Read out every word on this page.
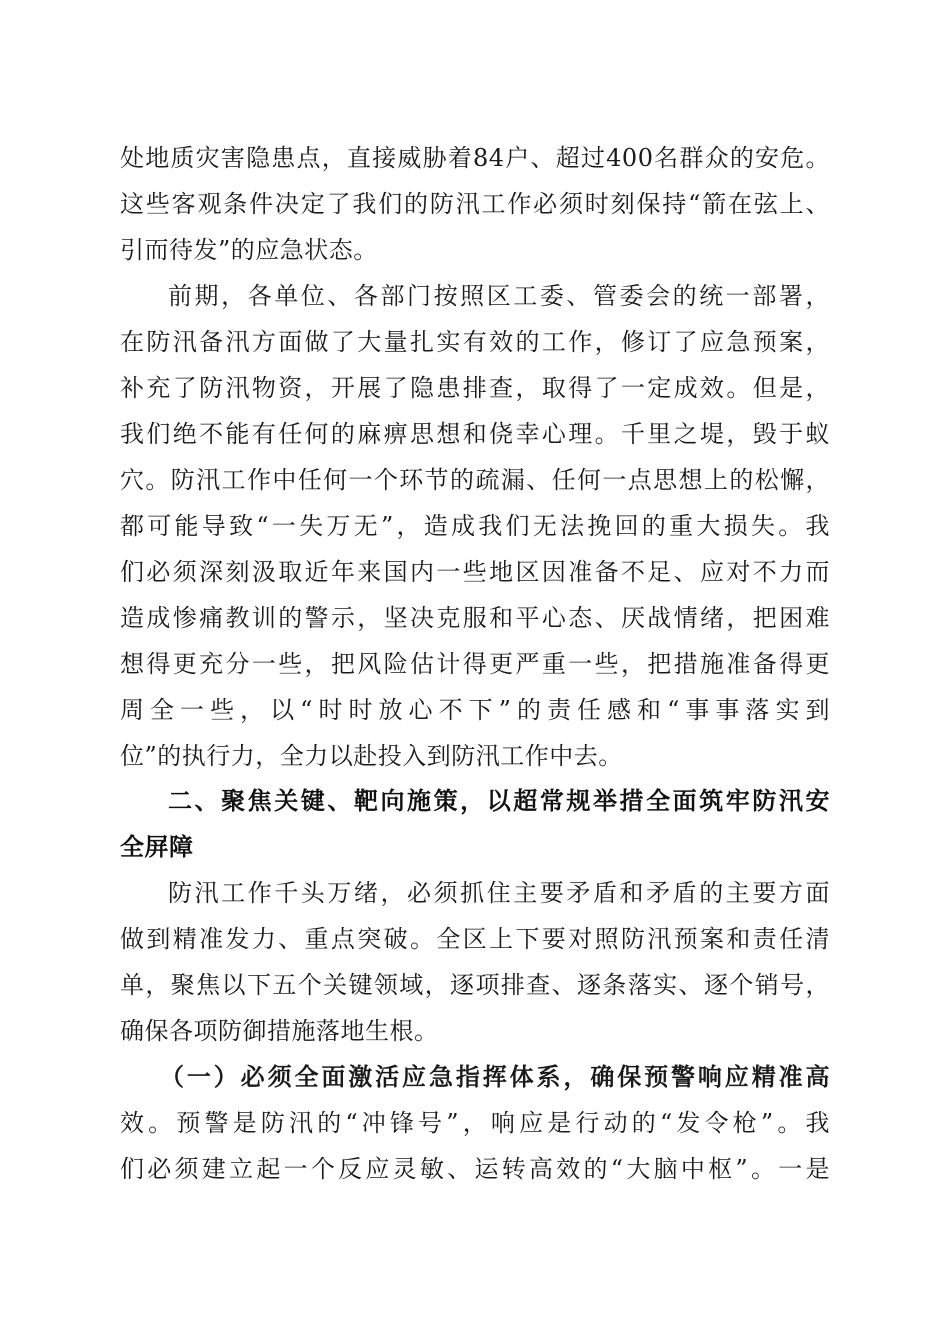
处地质灾害隐患点，直接威胁着84户、超过400名群众的安危。
这些客观条件决定了我们的防汛工作必须时刻保持“箭在弦上、
引而待发”的应急状态。
前期，各单位、各部门按照区工委、管委会的统一部署，
在防汛备汛方面做了大量扎实有效的工作，修订了应急预案，
补充了防汛物资，开展了隐患排查，取得了一定成效。但是，
我们绝不能有任何的麻痹思想和侥幸心理。千里之堤，毁于蚁
穴。防汛工作中任何一个环节的疏漏、任何一点思想上的松懈，
都可能导致“一失万无”，造成我们无法挽回的重大损失。我
们必须深刻汲取近年来国内一些地区因准备不足、应对不力而
造成惨痛教训的警示，坚决克服和平心态、厌战情绪，把困难
想得更充分一些，把风险估计得更严重一些，把措施准备得更
周全一些，以“时时放心不下”的责任感和“事事落实到
位”的执行力，全力以赴投入到防汛工作中去。
二、聚焦关键、靶向施策，以超常规举措全面筑牢防汛安
全屏障
防汛工作千头万绪，必须抓住主要矛盾和矛盾的主要方面
做到精准发力、重点突破。全区上下要对照防汛预案和责任清
单，聚焦以下五个关键领域，逐项排查、逐条落实、逐个销号，
确保各项防御措施落地生根。
（一）必须全面激活应急指挥体系，确保预警响应精准高
效。预警是防汛的“冲锋号”，响应是行动的“发令枪”。我
们必须建立起一个反应灵敏、运转高效的“大脑中枢”。一是
